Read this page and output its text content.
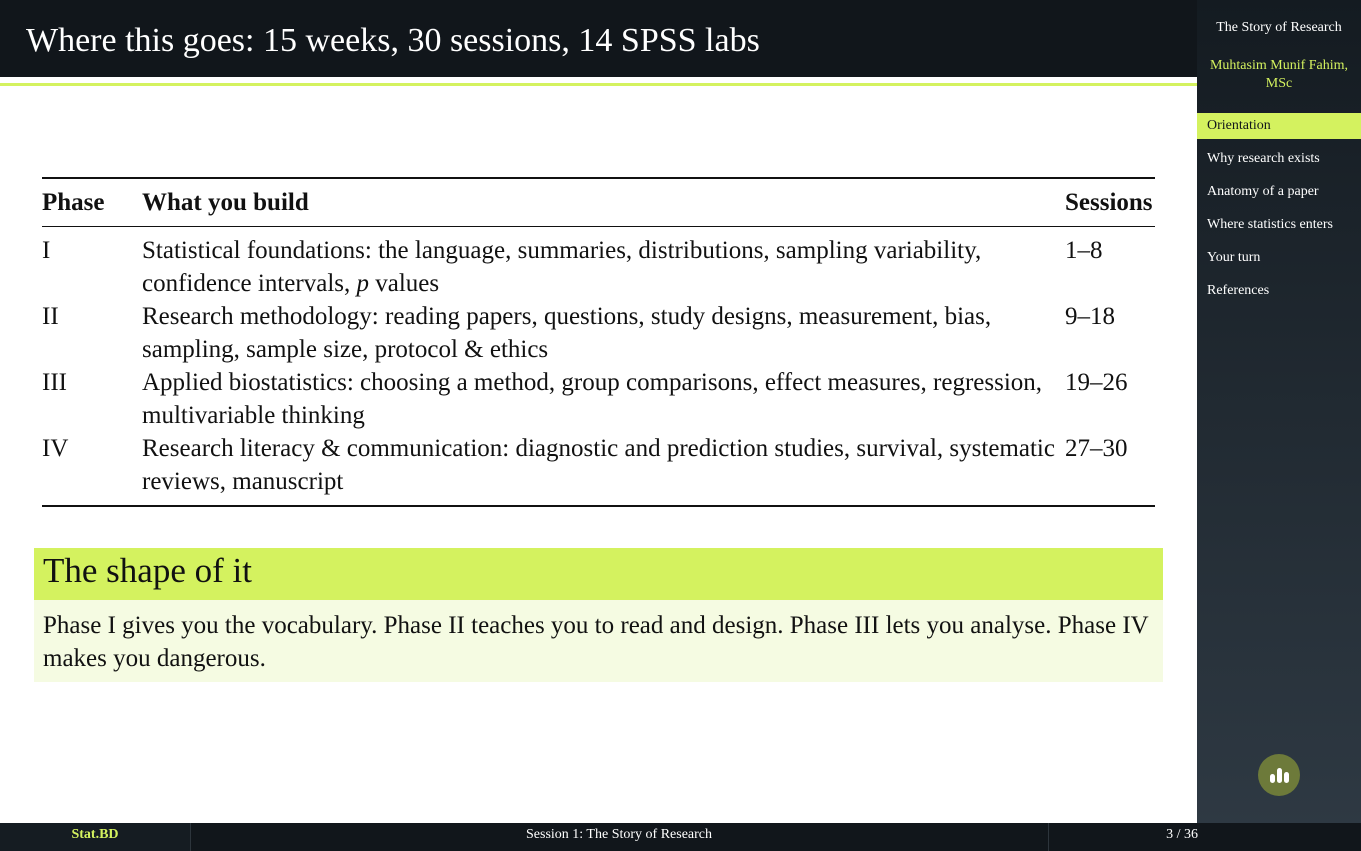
Where this goes: 15 weeks, 30 sessions, 14 SPSS labs
Phase	What you build	Sessions
I	Statistical foundations: the language, summaries, distributions, sampling variability, confidence intervals, p values	1–8
II	Research methodology: reading papers, questions, study designs, measurement, bias, sampling, sample size, protocol & ethics	9–18
III	Applied biostatistics: choosing a method, group comparisons, effect measures, regression, multivariable thinking	19–26
IV	Research literacy & communication: diagnostic and prediction studies, survival, systematic reviews, manuscript	27–30
The shape of it
Phase I gives you the vocabulary. Phase II teaches you to read and design. Phase III lets you analyse. Phase IV makes you dangerous.
The Story of Research
Muhtasim Munif Fahim, MSc
Orientation
Why research exists
Anatomy of a paper
Where statistics enters
Your turn
References
Stat.BD	Session 1: The Story of Research	3 / 36
